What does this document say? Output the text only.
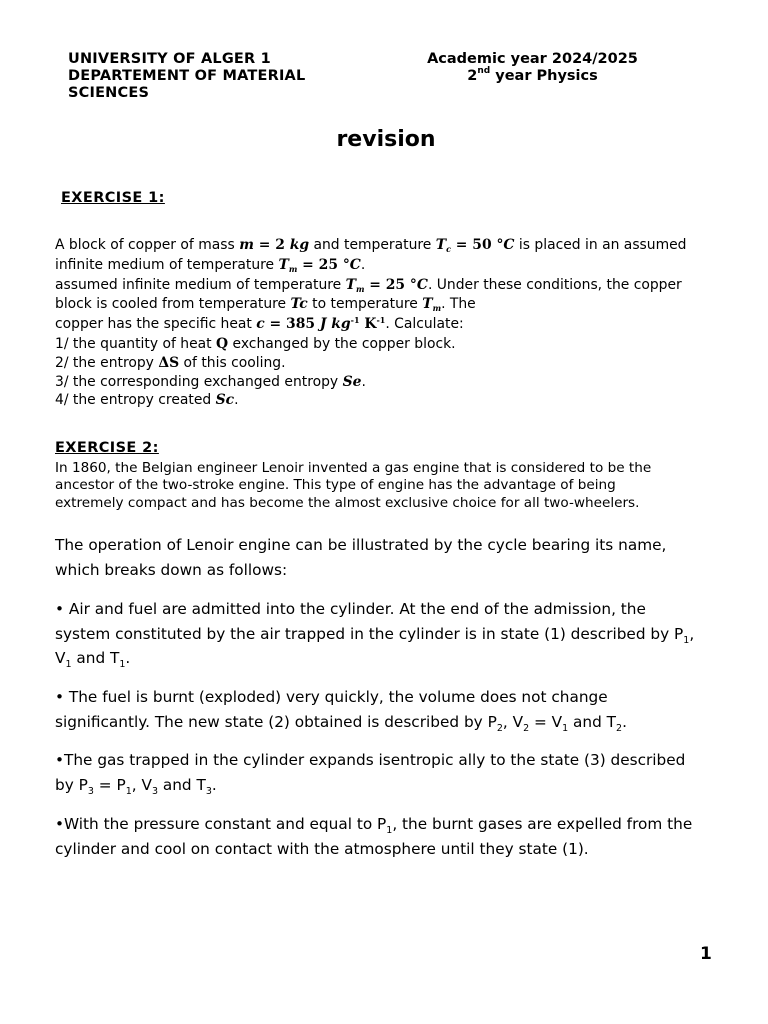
UNIVERSITY OF ALGER 1
DEPARTEMENT OF MATERIAL
SCIENCES
Academic year 2024/2025
2nd year Physics
revision
EXERCISE 1:
A block of copper of mass m = 2 kg and temperature $T_c = 50$ °C is placed in an assumed
infinite medium of temperature $T_m = 25$ °C.
assumed infinite medium of temperature $T_m = 25$ °C. Under these conditions, the copper
block is cooled from temperature Tc to temperature $T_m$. The
copper has the specific heat c = 385 J $kg^{-1}$ $K^{-1}$. Calculate:
1/ the quantity of heat Q exchanged by the copper block.
2/ the entropy ΔS of this cooling.
3/ the corresponding exchanged entropy Se.
4/ the entropy created Sc.
EXERCISE 2:
In 1860, the Belgian engineer Lenoir invented a gas engine that is considered to be the
ancestor of the two-stroke engine. This type of engine has the advantage of being
extremely compact and has become the almost exclusive choice for all two-wheelers.
The operation of Lenoir engine can be illustrated by the cycle bearing its name,
which breaks down as follows:
• Air and fuel are admitted into the cylinder. At the end of the admission, the
system constituted by the air trapped in the cylinder is in state (1) described by $P_1$,
$V_1$ and $T_1$.
• The fuel is burnt (exploded) very quickly, the volume does not change
significantly. The new state (2) obtained is described by $P_2$, $V_2 = V_1$ and $T_2$.
•The gas trapped in the cylinder expands isentropic ally to the state (3) described
by $P_3 = P_1$, $V_3$ and $T_3$.
•With the pressure constant and equal to $P_1$, the burnt gases are expelled from the
cylinder and cool on contact with the atmosphere until they state (1).
1
